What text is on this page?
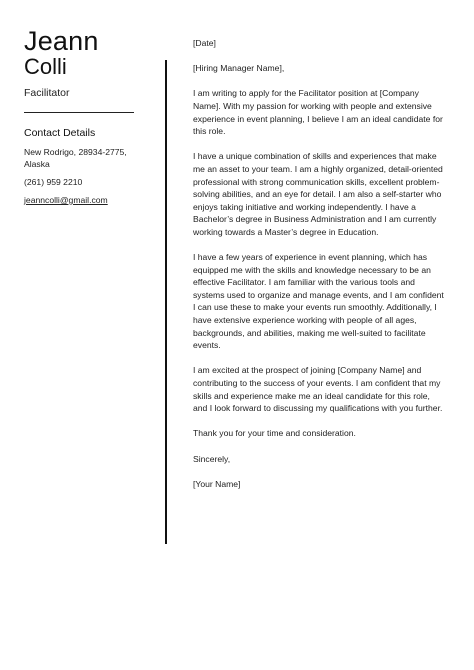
Jeann
Colli
Facilitator
Contact Details
New Rodrigo, 28934-2775,
Alaska
(261) 959 2210
jeanncolli@gmail.com

[Date]

[Hiring Manager Name],

I am writing to apply for the Facilitator position at [Company Name]. With my passion for working with people and extensive experience in event planning, I believe I am an ideal candidate for this role.

I have a unique combination of skills and experiences that make me an asset to your team. I am a highly organized, detail-oriented professional with strong communication skills, excellent problem-solving abilities, and an eye for detail. I am also a self-starter who enjoys taking initiative and working independently. I have a Bachelor’s degree in Business Administration and I am currently working towards a Master’s degree in Education.

I have a few years of experience in event planning, which has equipped me with the skills and knowledge necessary to be an effective Facilitator. I am familiar with the various tools and systems used to organize and manage events, and I am confident I can use these to make your events run smoothly. Additionally, I have extensive experience working with people of all ages, backgrounds, and abilities, making me well-suited to facilitate events.

I am excited at the prospect of joining [Company Name] and contributing to the success of your events. I am confident that my skills and experience make me an ideal candidate for this role, and I look forward to discussing my qualifications with you further.

Thank you for your time and consideration.

Sincerely,

[Your Name]
